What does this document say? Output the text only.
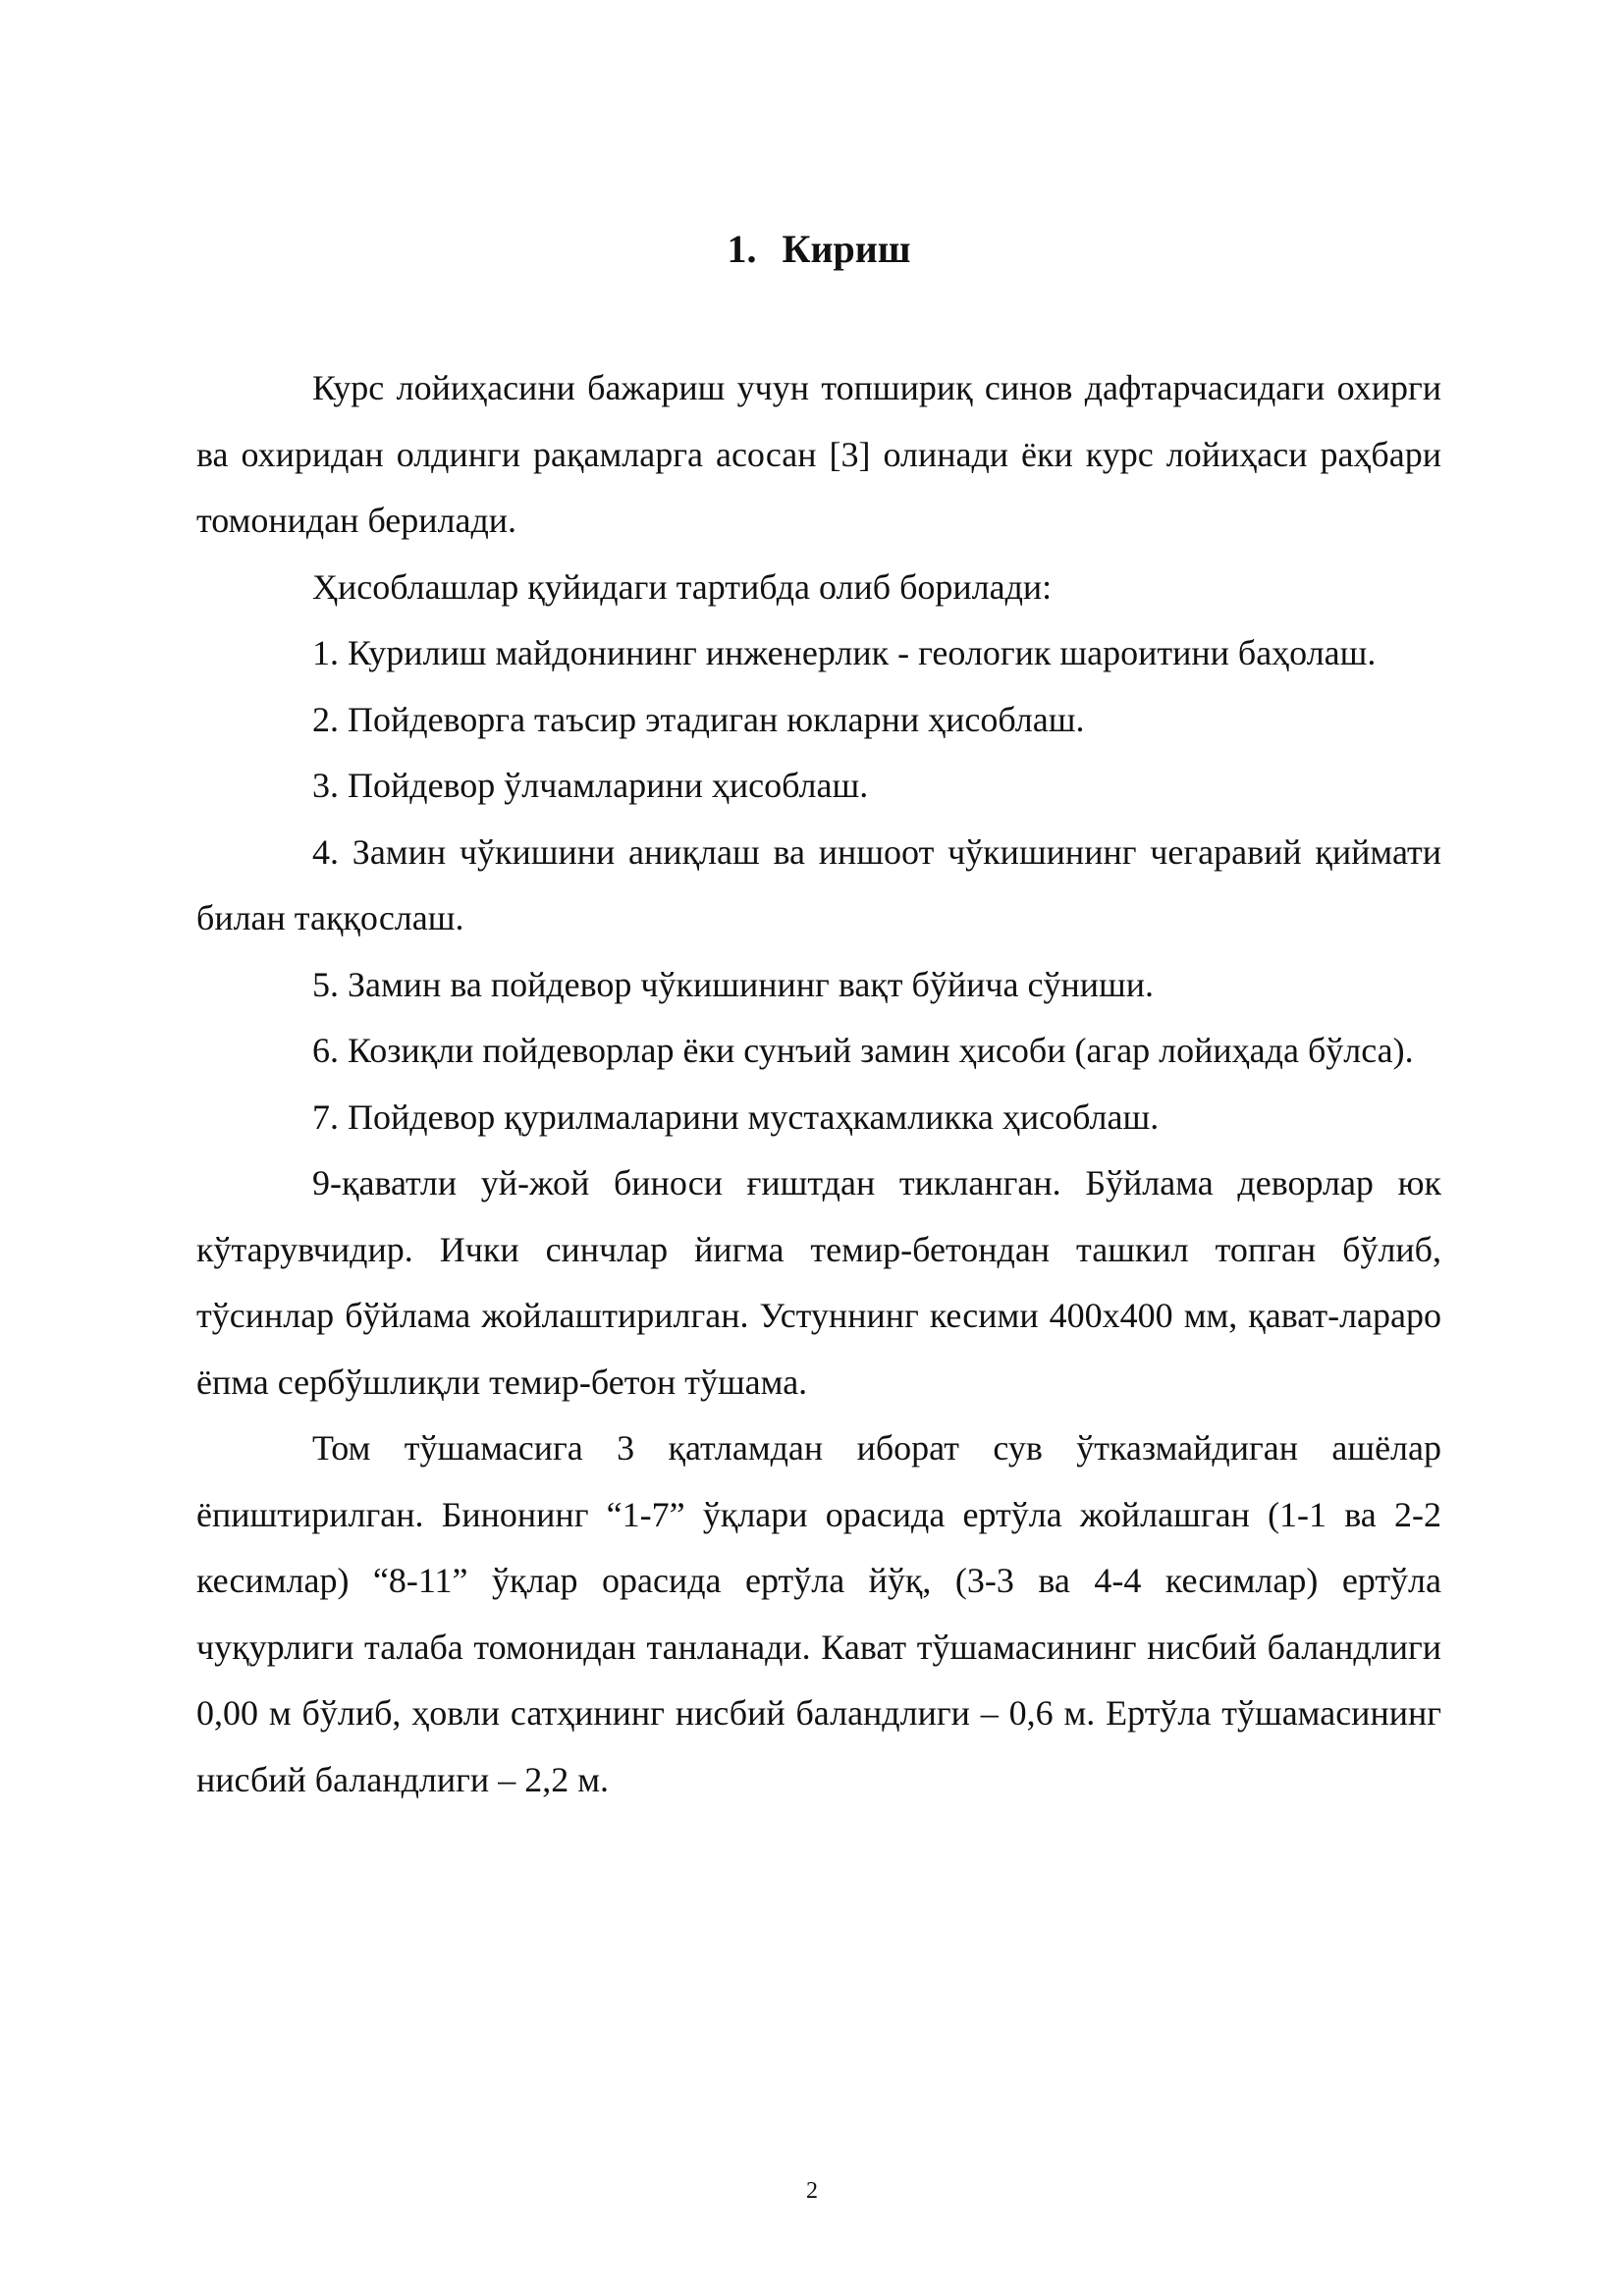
1. Кириш

Курс лойиҳасини бажариш учун топшириқ синов дафтарчасидаги охирги ва охиридан олдинги рақамларга асосан [3] олинади ёки курс лойиҳаси раҳбари томонидан берилади.

Ҳисоблашлар қуйидаги тартибда олиб борилади:

1. Курилиш майдонининг инженерлик - геологик шароитини баҳолаш.

2. Пойдеворга таъсир этадиган юкларни ҳисоблаш.

3. Пойдевор ўлчамларини ҳисоблаш.

4. Замин чўкишини аниқлаш ва иншоот чўкишининг чегаравий қиймати билан таққослаш.

5. Замин ва пойдевор чўкишининг вақт бўйича сўниши.

6. Козиқли пойдеворлар ёки сунъий замин ҳисоби (агар лойиҳада бўлса).

7. Пойдевор қурилмаларини мустаҳкамликка ҳисоблаш.

9-қаватли уй-жой биноси ғиштдан тикланган. Бўйлама деворлар юк кўтарувчидир. Ички синчлар йигма темир-бетондан ташкил топган бўлиб, тўсинлар бўйлама жойлаштирилган. Устуннинг кесими 400х400 мм, қават-лараро ёпма сербўшлиқли темир-бетон тўшама.

Том тўшамасига 3 қатламдан иборат сув ўтказмайдиган ашёлар ёпиштирилган. Бинонинг “1-7” ўқлари орасида ертўла жойлашган (1-1 ва 2-2 кесимлар) “8-11” ўқлар орасида ертўла йўқ, (3-3 ва 4-4 кесимлар) ертўла чуқурлиги талаба томонидан танланади. Кават тўшамасининг нисбий баландлиги 0,00 м бўлиб, ҳовли сатҳининг нисбий баландлиги – 0,6 м. Ертўла тўшамасининг нисбий баландлиги – 2,2 м.

2
